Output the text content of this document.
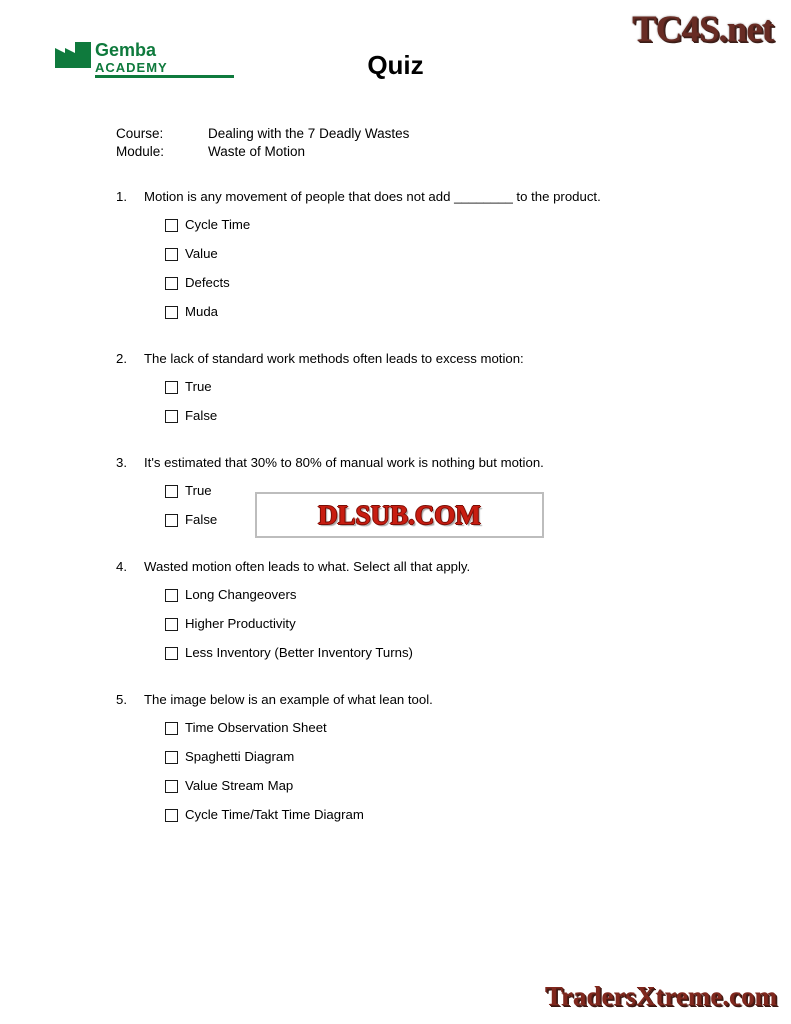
TC4S.net
Gemba
ACADEMY	Quiz
Course:	Dealing with the 7 Deadly Wastes
Module:	Waste of Motion
1.	Motion is any movement of people that does not add ________ to the product.
Cycle Time
Value
Defects
Muda
2.	The lack of standard work methods often leads to excess motion:
True
False
3.	It's estimated that 30% to 80% of manual work is nothing but motion.
True
False
4.	Wasted motion often leads to what. Select all that apply.
Long Changeovers
Higher Productivity
Less Inventory (Better Inventory Turns)
5.	The image below is an example of what lean tool.
Time Observation Sheet
Spaghetti Diagram
Value Stream Map
Cycle Time/Takt Time Diagram
DLSUB.COM
TradersXtreme.com
